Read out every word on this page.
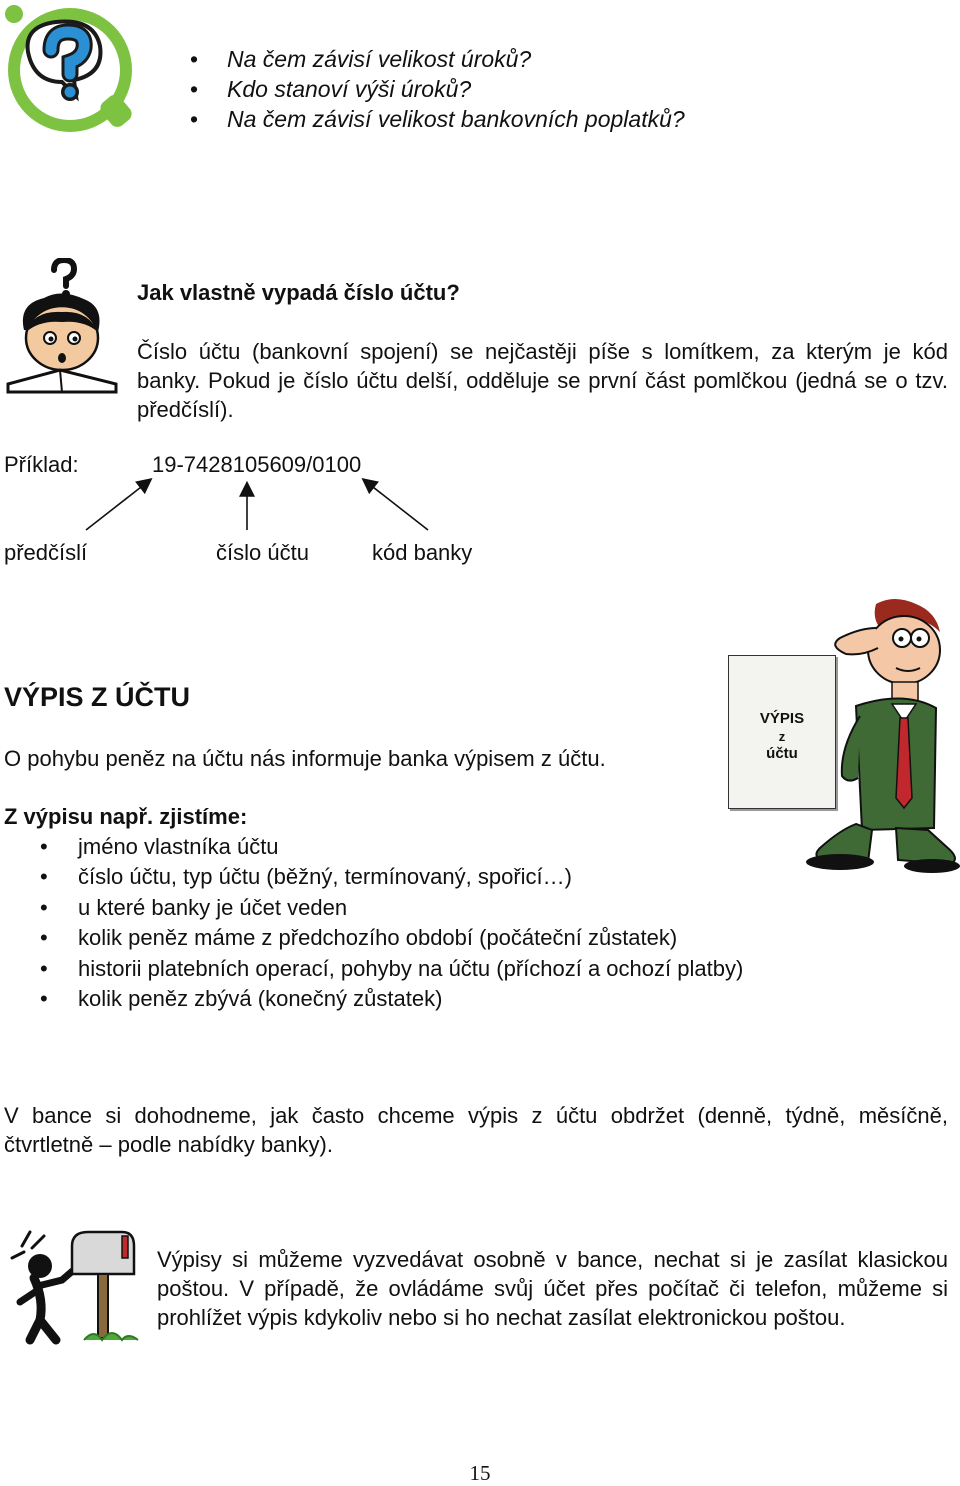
• Na čem závisí velikost úroků?
• Kdo stanoví výši úroků?
• Na čem závisí velikost bankovních poplatků?
Jak vlastně vypadá číslo účtu?

Číslo účtu (bankovní spojení) se nejčastěji píše s lomítkem, za kterým je kód banky. Pokud je číslo účtu delší, odděluje se první část pomlčkou (jedná se o tzv. předčíslí).

Příklad:	19-7428105609/0100
předčíslí	číslo účtu	kód banky
VÝPIS Z ÚČTU
O pohybu peněz na účtu nás informuje banka výpisem z účtu.
VÝPIS
z
účtu
Z výpisu např. zjistíme:
• jméno vlastníka účtu
• číslo účtu, typ účtu (běžný, termínovaný, spořicí…)
• u které banky je účet veden
• kolik peněz máme z předchozího období (počáteční zůstatek)
• historii platebních operací, pohyby na účtu (příchozí a ochozí platby)
• kolik peněz zbývá (konečný zůstatek)

V bance si dohodneme, jak často chceme výpis z účtu obdržet (denně, týdně, měsíčně, čtvrtletně – podle nabídky banky).

Výpisy si můžeme vyzvedávat osobně v bance, nechat si je zasílat klasickou poštou. V případě, že ovládáme svůj účet přes počítač či telefon, můžeme si prohlížet výpis kdykoliv nebo si ho nechat zasílat elektronickou poštou.

15
